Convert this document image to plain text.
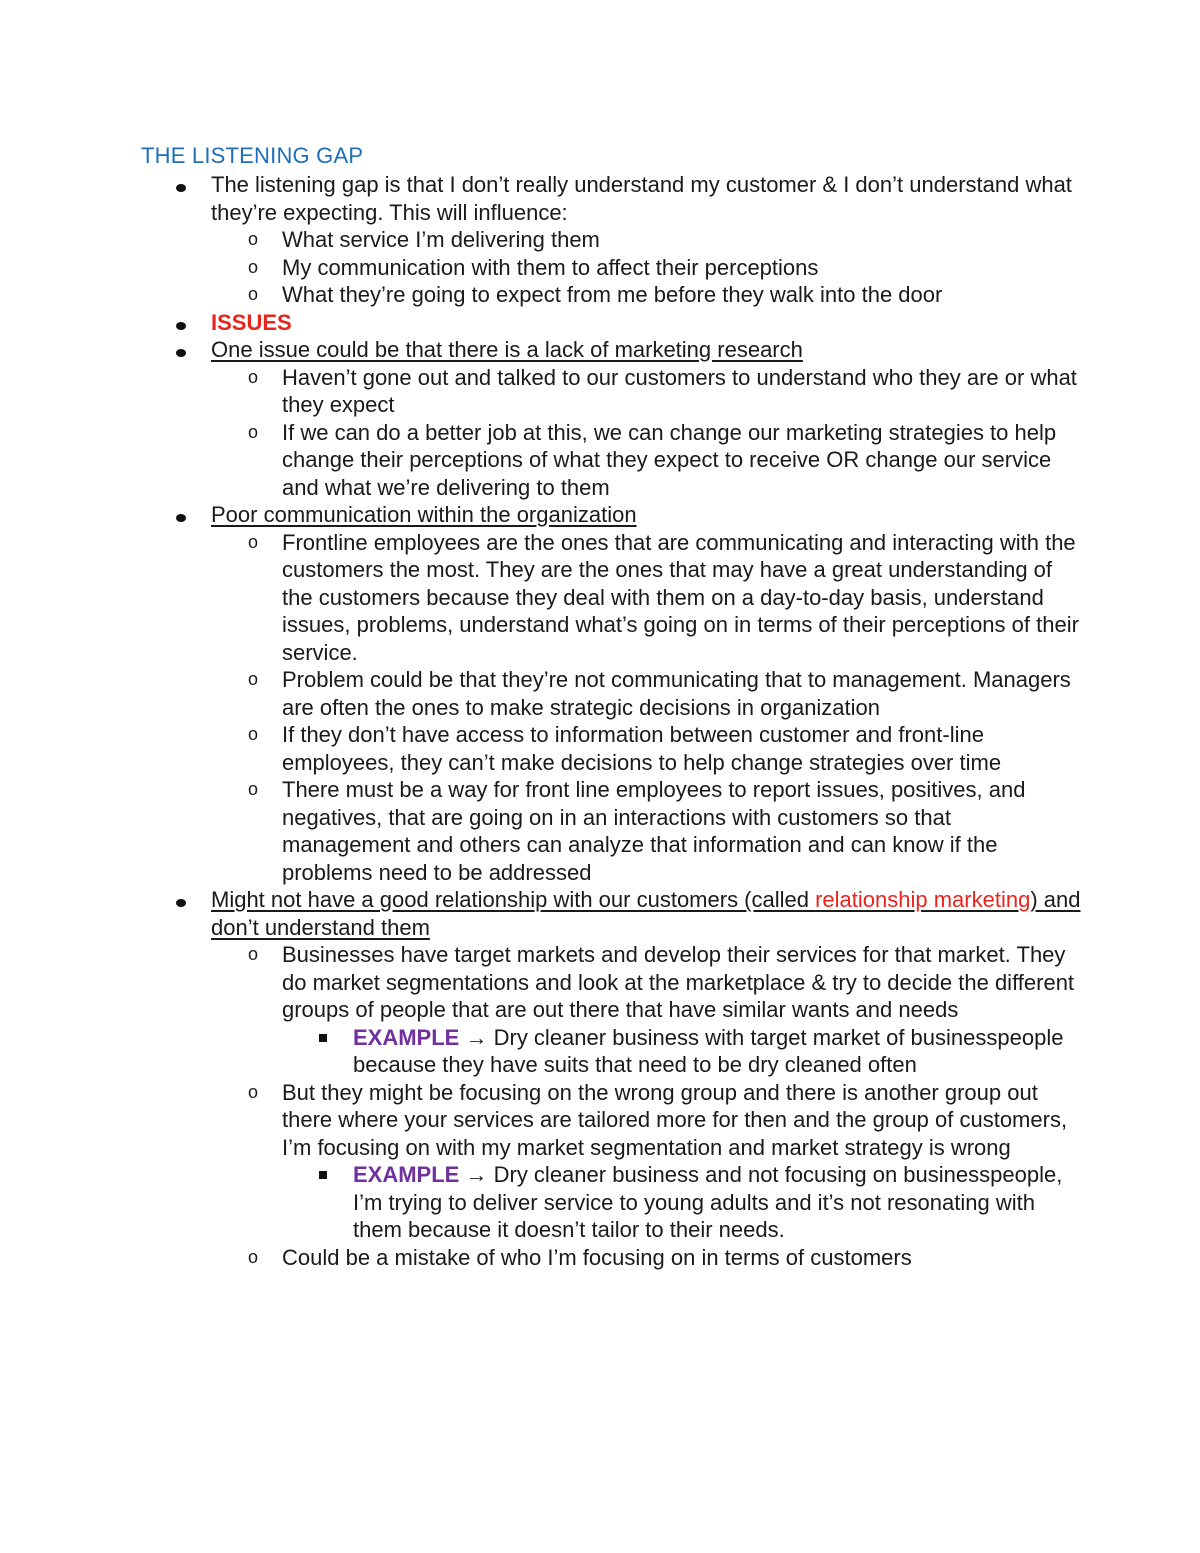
THE LISTENING GAP
The listening gap is that I don’t really understand my customer & I don’t understand what they’re expecting. This will influence:
o What service I’m delivering them
o My communication with them to affect their perceptions
o What they’re going to expect from me before they walk into the door
ISSUES
One issue could be that there is a lack of marketing research
o Haven’t gone out and talked to our customers to understand who they are or what they expect
o If we can do a better job at this, we can change our marketing strategies to help change their perceptions of what they expect to receive OR change our service and what we’re delivering to them
Poor communication within the organization
o Frontline employees are the ones that are communicating and interacting with the customers the most. They are the ones that may have a great understanding of the customers because they deal with them on a day-to-day basis, understand issues, problems, understand what’s going on in terms of their perceptions of their service.
o Problem could be that they’re not communicating that to management. Managers are often the ones to make strategic decisions in organization
o If they don’t have access to information between customer and front-line employees, they can’t make decisions to help change strategies over time
o There must be a way for front line employees to report issues, positives, and negatives, that are going on in an interactions with customers so that management and others can analyze that information and can know if the problems need to be addressed
Might not have a good relationship with our customers (called relationship marketing) and don’t understand them
o Businesses have target markets and develop their services for that market. They do market segmentations and look at the marketplace & try to decide the different groups of people that are out there that have similar wants and needs
EXAMPLE → Dry cleaner business with target market of businesspeople because they have suits that need to be dry cleaned often
o But they might be focusing on the wrong group and there is another group out there where your services are tailored more for then and the group of customers, I’m focusing on with my market segmentation and market strategy is wrong
EXAMPLE → Dry cleaner business and not focusing on businesspeople, I’m trying to deliver service to young adults and it’s not resonating with them because it doesn’t tailor to their needs.
o Could be a mistake of who I’m focusing on in terms of customers
